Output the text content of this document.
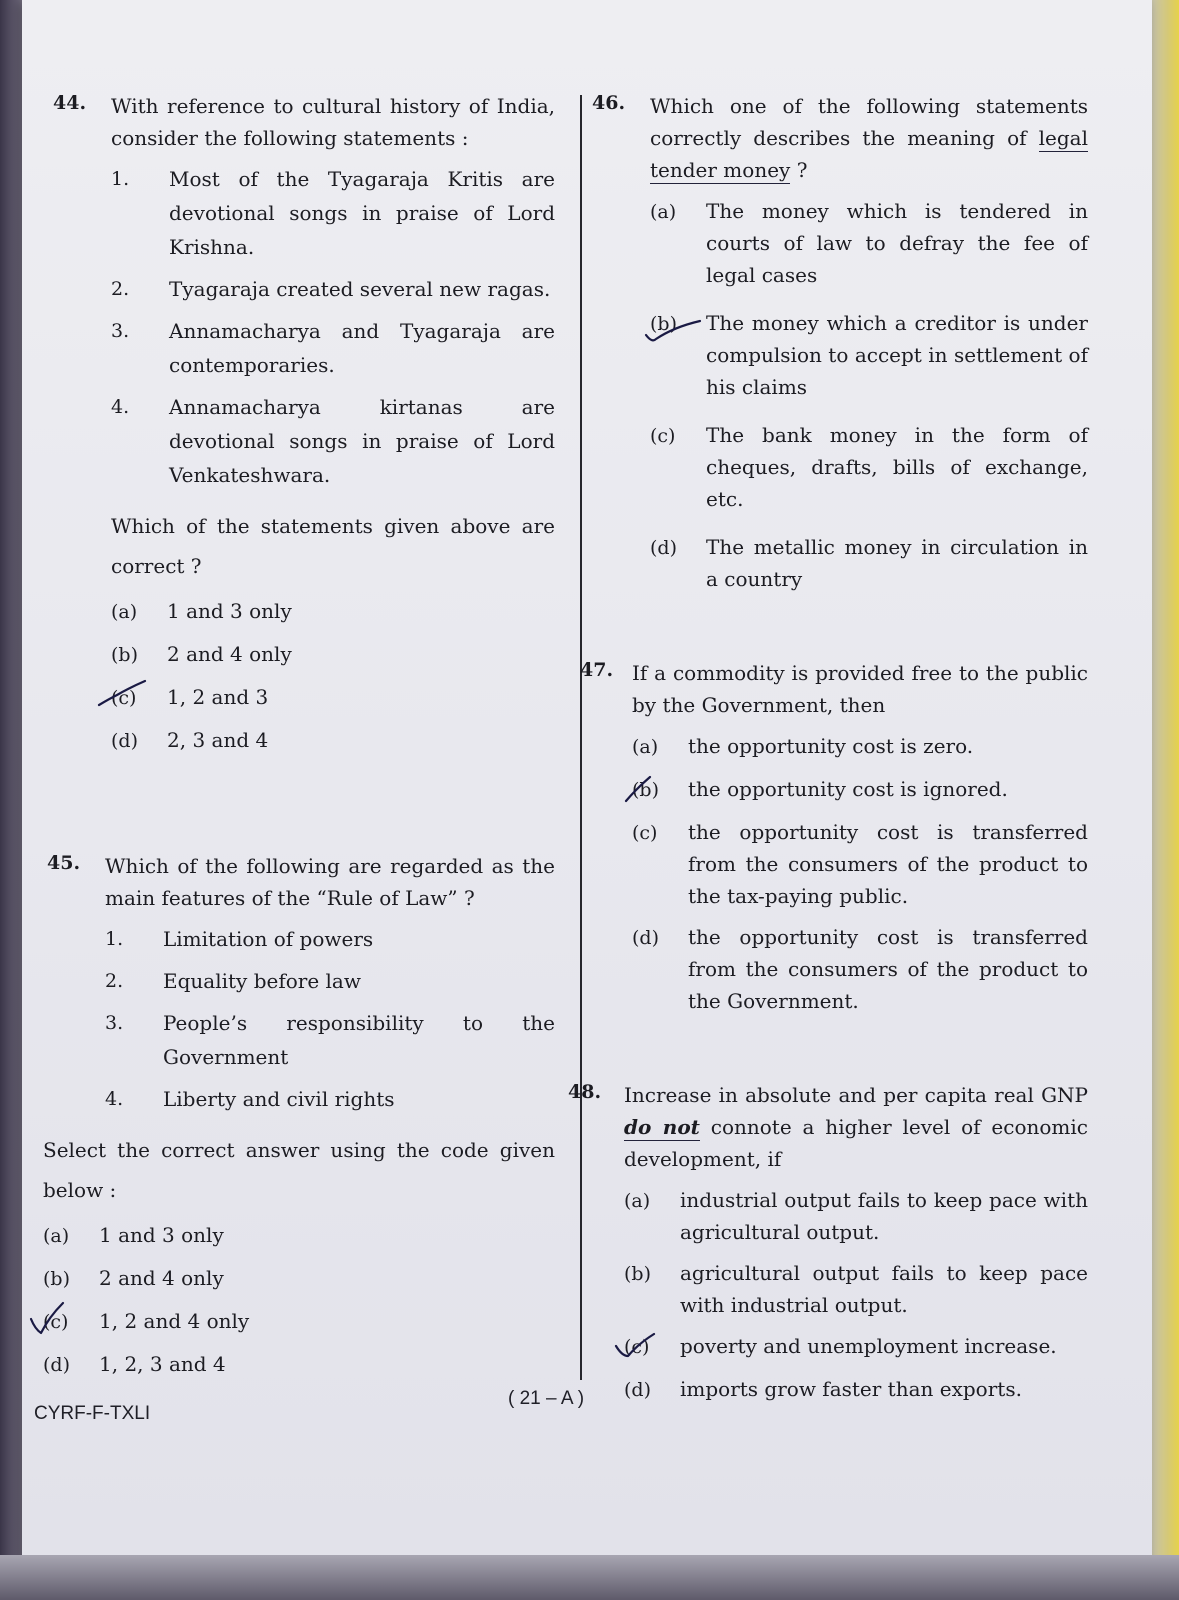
44.	With reference to cultural history of India, consider the following statements :
1.	Most of the Tyagaraja Kritis are devotional songs in praise of Lord Krishna.
2.	Tyagaraja created several new ragas.
3.	Annamacharya and Tyagaraja are contemporaries.
4.	Annamacharya kirtanas are devotional songs in praise of Lord Venkateshwara.
Which of the statements given above are correct ?
(a)	1 and 3 only
(b)	2 and 4 only
(c)	1, 2 and 3
(d)	2, 3 and 4
45.	Which of the following are regarded as the main features of the “Rule of Law” ?
1.	Limitation of powers
2.	Equality before law
3.	People’s responsibility to the Government
4.	Liberty and civil rights
Select the correct answer using the code given below :
(a)	1 and 3 only
(b)	2 and 4 only
(c)	1, 2 and 4 only
(d)	1, 2, 3 and 4
46.	Which one of the following statements correctly describes the meaning of legal tender money ?
(a)	The money which is tendered in courts of law to defray the fee of legal cases
(b)	The money which a creditor is under compulsion to accept in settlement of his claims
(c)	The bank money in the form of cheques, drafts, bills of exchange, etc.
(d)	The metallic money in circulation in a country
47. If a commodity is provided free to the public by the Government, then
(a)	the opportunity cost is zero.
(b)	the opportunity cost is ignored.
(c)	the opportunity cost is transferred from the consumers of the product to the tax-paying public.
(d)	the opportunity cost is transferred from the consumers of the product to the Government.
48.	Increase in absolute and per capita real GNP do not connote a higher level of economic development, if
(a)	industrial output fails to keep pace with agricultural output.
(b)	agricultural output fails to keep pace with industrial output.
(c)	poverty and unemployment increase.
(d)	imports grow faster than exports.
CYRF-F-TXLI
( 21 – A )
